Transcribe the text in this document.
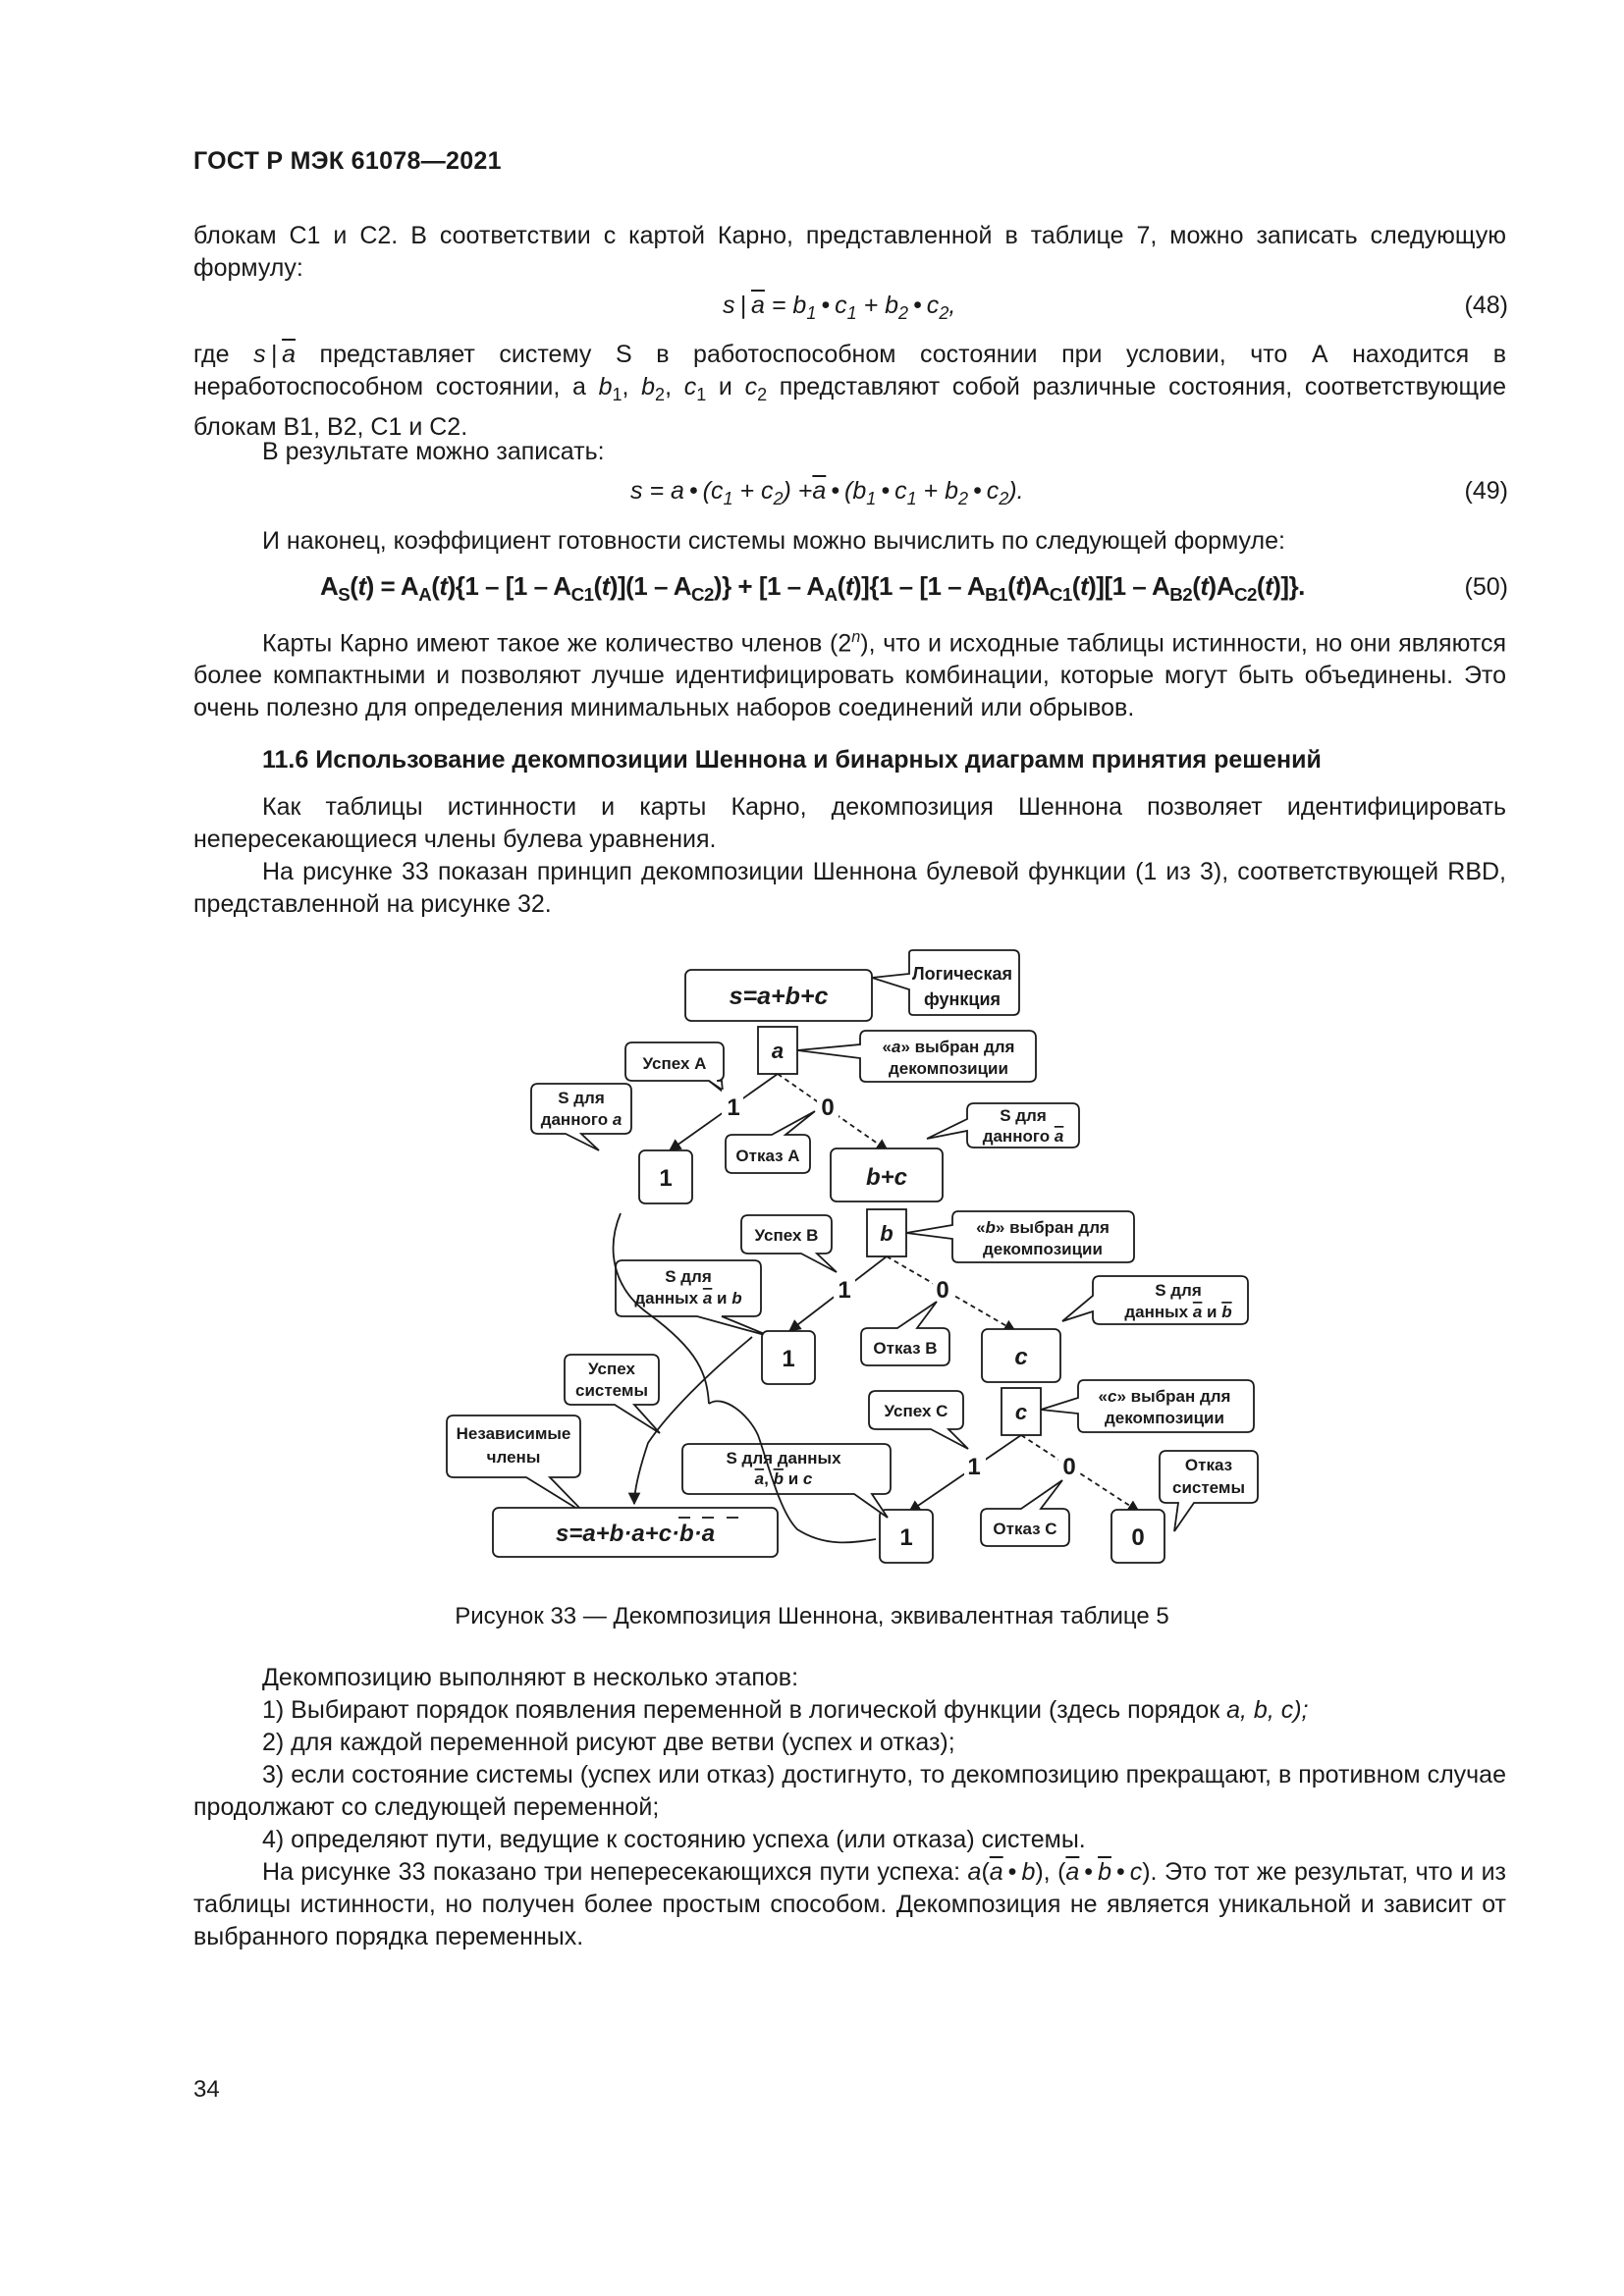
ГОСТ Р МЭК 61078—2021
блокам С1 и С2. В соответствии с картой Карно, представленной в таблице 7, можно записать следующую формулу:
s | $\overline{a} = b_1$ • $c_1 + b_2$ • $c_2$,	(48)
где s | $\overline{a}$ представляет систему S в работоспособном состоянии при условии, что А находится в неработоспособном состоянии, а $b_1$, $b_2$, $c_1$ и $c_2$ представляют собой различные состояния, соответствующие блокам В1, В2, С1 и С2.
В результате можно записать:
s = a • $(c_1 + c_2) +\overline{a}$ • ($b_1$ • $c_1 + b_2$ • $c_2$).	(49)
И наконец, коэффициент готовности системы можно вычислить по следующей формуле:
$A_S(t) = A_A(t)\{1 - [1 - A_{C1}(t)](1 - A_{C2})\} + [1 - A_A(t)]\{1 - [1 - A_{B1}(t)A_{C1}(t)][1 - A_{B2}(t)A_{C2}(t)]\}$.	(50)
Карты Карно имеют такое же количество членов (2$^n$), что и исходные таблицы истинности, но они являются более компактными и позволяют лучше идентифицировать комбинации, которые могут быть объединены. Это очень полезно для определения минимальных наборов соединений или обрывов.
11.6 Использование декомпозиции Шеннона и бинарных диаграмм принятия решений
Как таблицы истинности и карты Карно, декомпозиция Шеннона позволяет идентифицировать непересекающиеся члены булева уравнения.
На рисунке 33 показан принцип декомпозиции Шеннона булевой функции (1 из 3), соответствующей RBD, представленной на рисунке 32.
s=a+b+c
Логическая
функция
a	«a» выбран для
декомпозиции
Успех А
S для
данного a	1	0
1
Отказ А
S для
данного a
b+c
b	«b» выбран для
декомпозиции
Успех В
S для
данных a и b	1	0
1	Отказ В
S для
данных a и b
c
c
«c» выбран для
декомпозиции
Успех С
1	0
Отказ С
Отказ
системы
1	0
S для данных
a, b и c
Успех
системы
Независимые
члены
s=a+b·a+c·b·a
Рисунок 33 — Декомпозиция Шеннона, эквивалентная таблице 5
Декомпозицию выполняют в несколько этапов:
1) Выбирают порядок появления переменной в логической функции (здесь порядок a, b, c);
2) для каждой переменной рисуют две ветви (успех и отказ);
3) если состояние системы (успех или отказ) достигнуто, то декомпозицию прекращают, в противном случае продолжают со следующей переменной;
4) определяют пути, ведущие к состоянию успеха (или отказа) системы.
На рисунке 33 показано три непересекающихся пути успеха: $a(\overline{a}$ • b), ($\overline{a}$ • $\overline{b}$ • c). Это тот же результат, что и из таблицы истинности, но получен более простым способом. Декомпозиция не является уникальной и зависит от выбранного порядка переменных.
34
